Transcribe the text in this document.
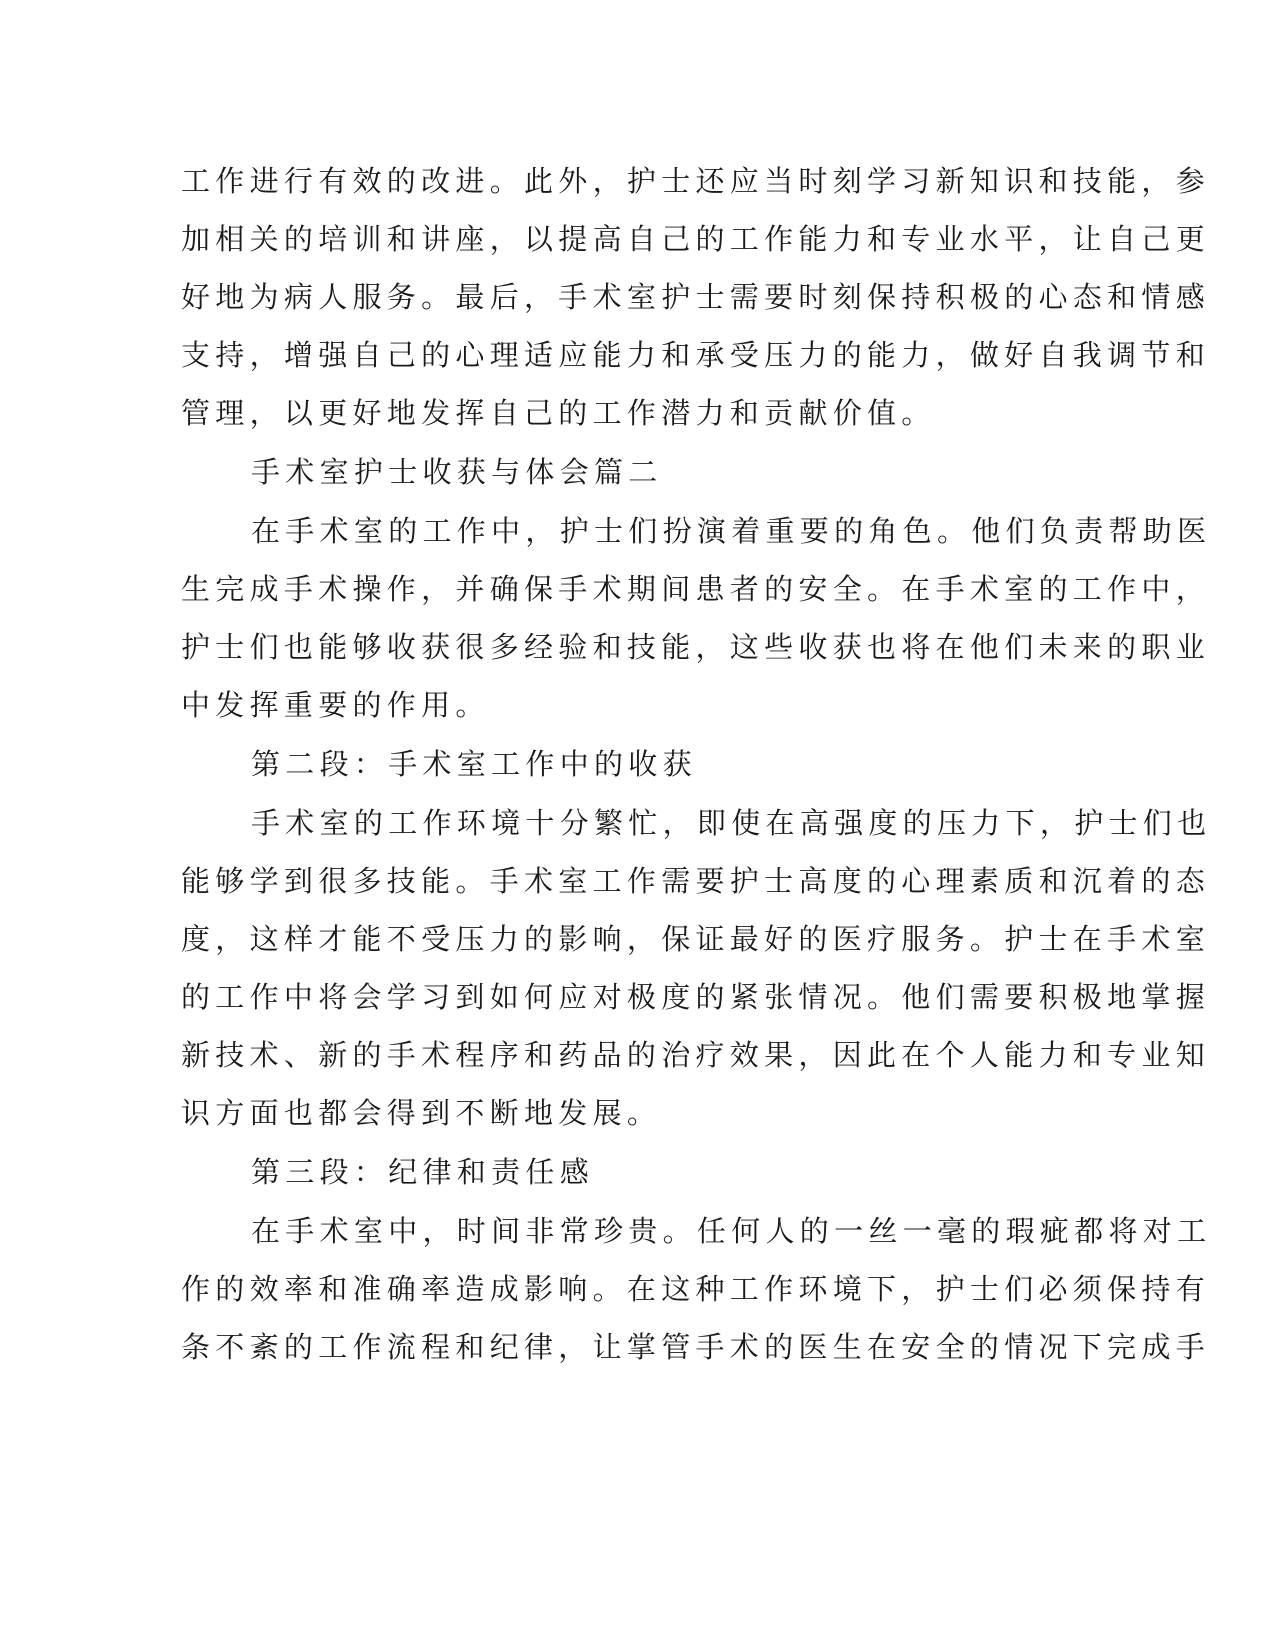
工作进行有效的改进。此外，护士还应当时刻学习新知识和技能，参
加相关的培训和讲座，以提高自己的工作能力和专业水平，让自己更
好地为病人服务。最后，手术室护士需要时刻保持积极的心态和情感
支持，增强自己的心理适应能力和承受压力的能力，做好自我调节和
管理，以更好地发挥自己的工作潜力和贡献价值。
手术室护士收获与体会篇二
在手术室的工作中，护士们扮演着重要的角色。他们负责帮助医
生完成手术操作，并确保手术期间患者的安全。在手术室的工作中，
护士们也能够收获很多经验和技能，这些收获也将在他们未来的职业
中发挥重要的作用。
第二段：手术室工作中的收获
手术室的工作环境十分繁忙，即使在高强度的压力下，护士们也
能够学到很多技能。手术室工作需要护士高度的心理素质和沉着的态
度，这样才能不受压力的影响，保证最好的医疗服务。护士在手术室
的工作中将会学习到如何应对极度的紧张情况。他们需要积极地掌握
新技术、新的手术程序和药品的治疗效果，因此在个人能力和专业知
识方面也都会得到不断地发展。
第三段：纪律和责任感
在手术室中，时间非常珍贵。任何人的一丝一毫的瑕疵都将对工
作的效率和准确率造成影响。在这种工作环境下，护士们必须保持有
条不紊的工作流程和纪律，让掌管手术的医生在安全的情况下完成手
